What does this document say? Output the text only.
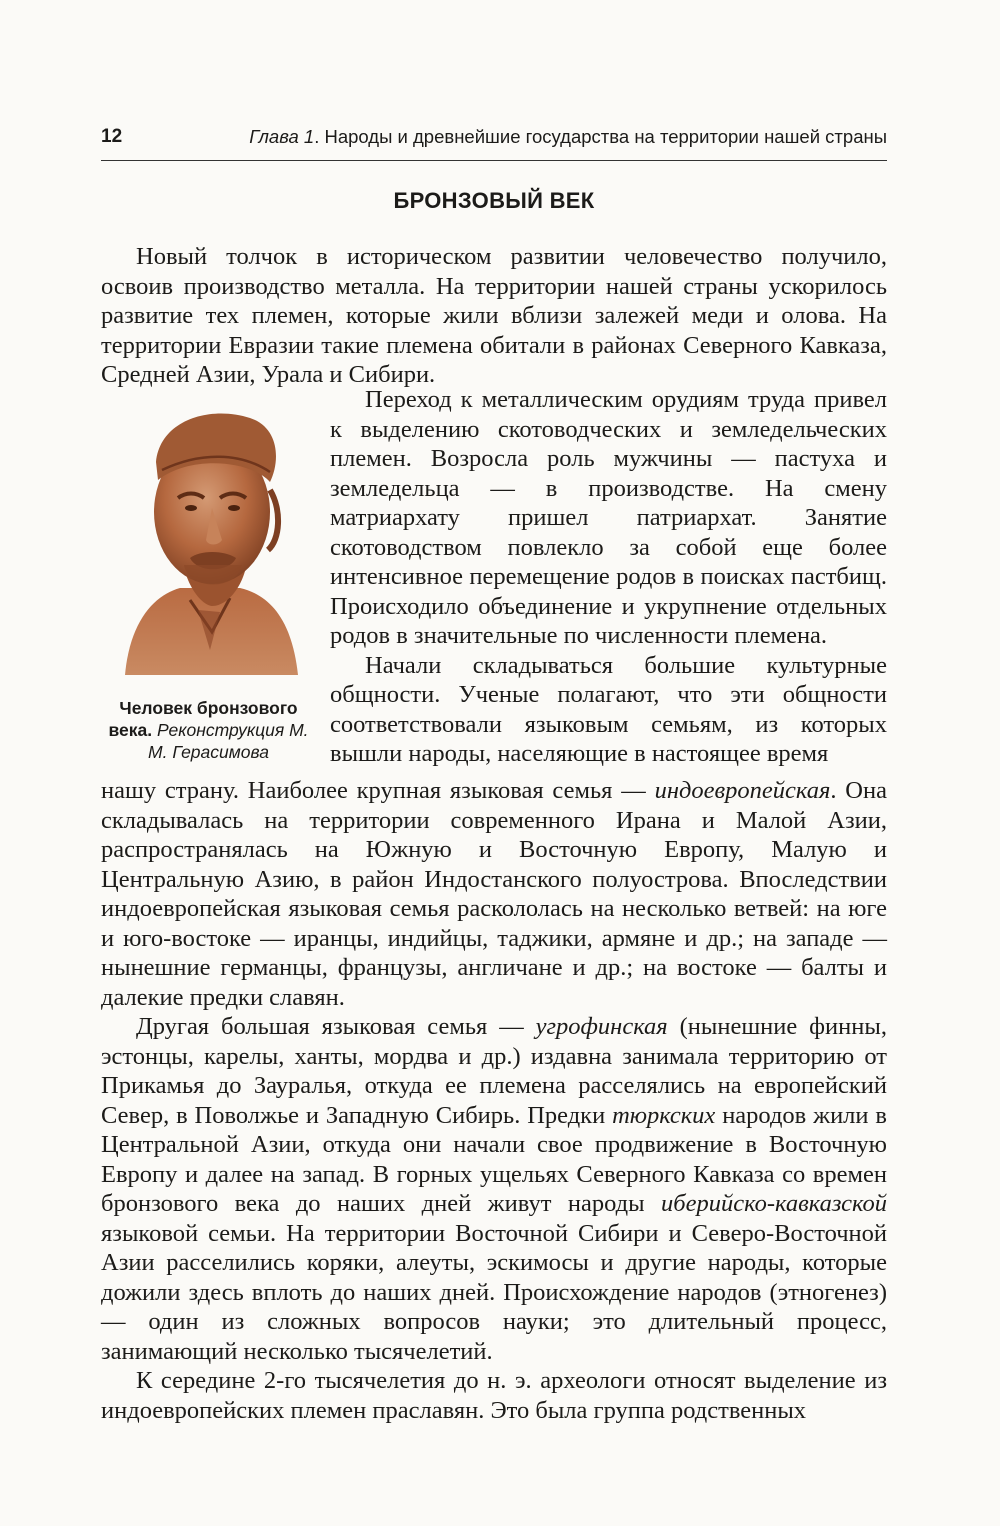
12	Глава 1. Народы и древнейшие государства на территории нашей страны
БРОНЗОВЫЙ ВЕК

Новый толчок в историческом развитии человечество получило, освоив производство металла. На территории нашей страны ускорилось развитие тех племен, которые жили вблизи залежей меди и олова. На территории Евразии такие племена обитали в районах Северного Кавказа, Средней Азии, Урала и Сибири.

Человек бронзового века. Реконструкция М. М. Герасимова

Переход к металлическим орудиям труда привел к выделению скотоводческих и земледельческих племен. Возросла роль мужчины — пастуха и земледельца — в производстве. На смену матриархату пришел патриархат. Занятие скотоводством повлекло за собой еще более интенсивное перемещение родов в поисках пастбищ. Происходило объединение и укрупнение отдельных родов в значительные по численности племена.

Начали складываться большие культурные общности. Ученые полагают, что эти общности соответствовали языковым семьям, из которых вышли народы, населяющие в настоящее время

нашу страну. Наиболее крупная языковая семья — индоевропейская. Она складывалась на территории современного Ирана и Малой Азии, распространялась на Южную и Восточную Европу, Малую и Центральную Азию, в район Индостанского полуострова. Впоследствии индоевропейская языковая семья раскололась на несколько ветвей: на юге и юго-востоке — иранцы, индийцы, таджики, армяне и др.; на западе — нынешние германцы, французы, англичане и др.; на востоке — балты и далекие предки славян.

Другая большая языковая семья — угрофинская (нынешние финны, эстонцы, карелы, ханты, мордва и др.) издавна занимала территорию от Прикамья до Зауралья, откуда ее племена расселялись на европейский Север, в Поволжье и Западную Сибирь. Предки тюркских народов жили в Центральной Азии, откуда они начали свое продвижение в Восточную Европу и далее на запад. В горных ущельях Северного Кавказа со времен бронзового века до наших дней живут народы иберийско-кавказской языковой семьи. На территории Восточной Сибири и Северо-Восточной Азии расселились коряки, алеуты, эскимосы и другие народы, которые дожили здесь вплоть до наших дней. Происхождение народов (этногенез) — один из сложных вопросов науки; это длительный процесс, занимающий несколько тысячелетий.

К середине 2-го тысячелетия до н. э. археологи относят выделение из индоевропейских племен праславян. Это была группа родственных
